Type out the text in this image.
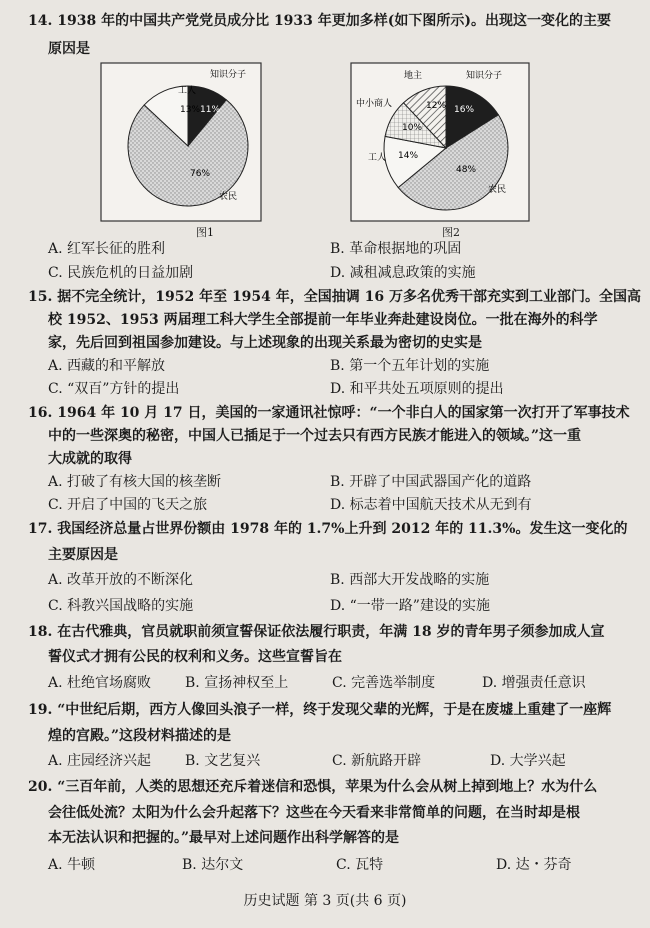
14. 1938 年的中国共产党党员成分比 1933 年更加多样(如下图所示)。出现这一变化的主要
原因是
工人
知识分子
农民
13% 11%
76%
图1
地主	知识分子
中小商人
工人
农民
12% 16%
10%
14%
48%
图2
A. 红军长征的胜利	B. 革命根据地的巩固
C. 民族危机的日益加剧	D. 减租减息政策的实施
15. 据不完全统计，1952 年至 1954 年，全国抽调 16 万多名优秀干部充实到工业部门。全国高
校 1952、1953 两届理工科大学生全部提前一年毕业奔赴建设岗位。一批在海外的科学
家，先后回到祖国参加建设。与上述现象的出现关系最为密切的史实是
A. 西藏的和平解放	B. 第一个五年计划的实施
C. “双百”方针的提出	D. 和平共处五项原则的提出
16. 1964 年 10 月 17 日，美国的一家通讯社惊呼：“一个非白人的国家第一次打开了军事技术
中的一些深奥的秘密，中国人已插足于一个过去只有西方民族才能进入的领域。”这一重
大成就的取得
A. 打破了有核大国的核垄断	B. 开辟了中国武器国产化的道路
C. 开启了中国的飞天之旅	D. 标志着中国航天技术从无到有
17. 我国经济总量占世界份额由 1978 年的 1.7%上升到 2012 年的 11.3%。发生这一变化的
主要原因是
A. 改革开放的不断深化	B. 西部大开发战略的实施
C. 科教兴国战略的实施	D. “一带一路”建设的实施
18. 在古代雅典，官员就职前须宣誓保证依法履行职责，年满 18 岁的青年男子须参加成人宣
誓仪式才拥有公民的权利和义务。这些宣誓旨在
A. 杜绝官场腐败 B. 宣扬神权至上	C. 完善选举制度	D. 增强责任意识
19. “中世纪后期，西方人像回头浪子一样，终于发现父辈的光辉，于是在废墟上重建了一座辉
煌的宫殿。”这段材料描述的是
A. 庄园经济兴起 B. 文艺复兴	C. 新航路开辟	D. 大学兴起
20. “三百年前，人类的思想还充斥着迷信和恐惧，苹果为什么会从树上掉到地上？水为什么
会往低处流？太阳为什么会升起落下？这些在今天看来非常简单的问题，在当时却是根
本无法认识和把握的。”最早对上述问题作出科学解答的是
A. 牛顿	B. 达尔文	C. 瓦特	D. 达・芬奇
历史试题 第 3 页(共 6 页)
